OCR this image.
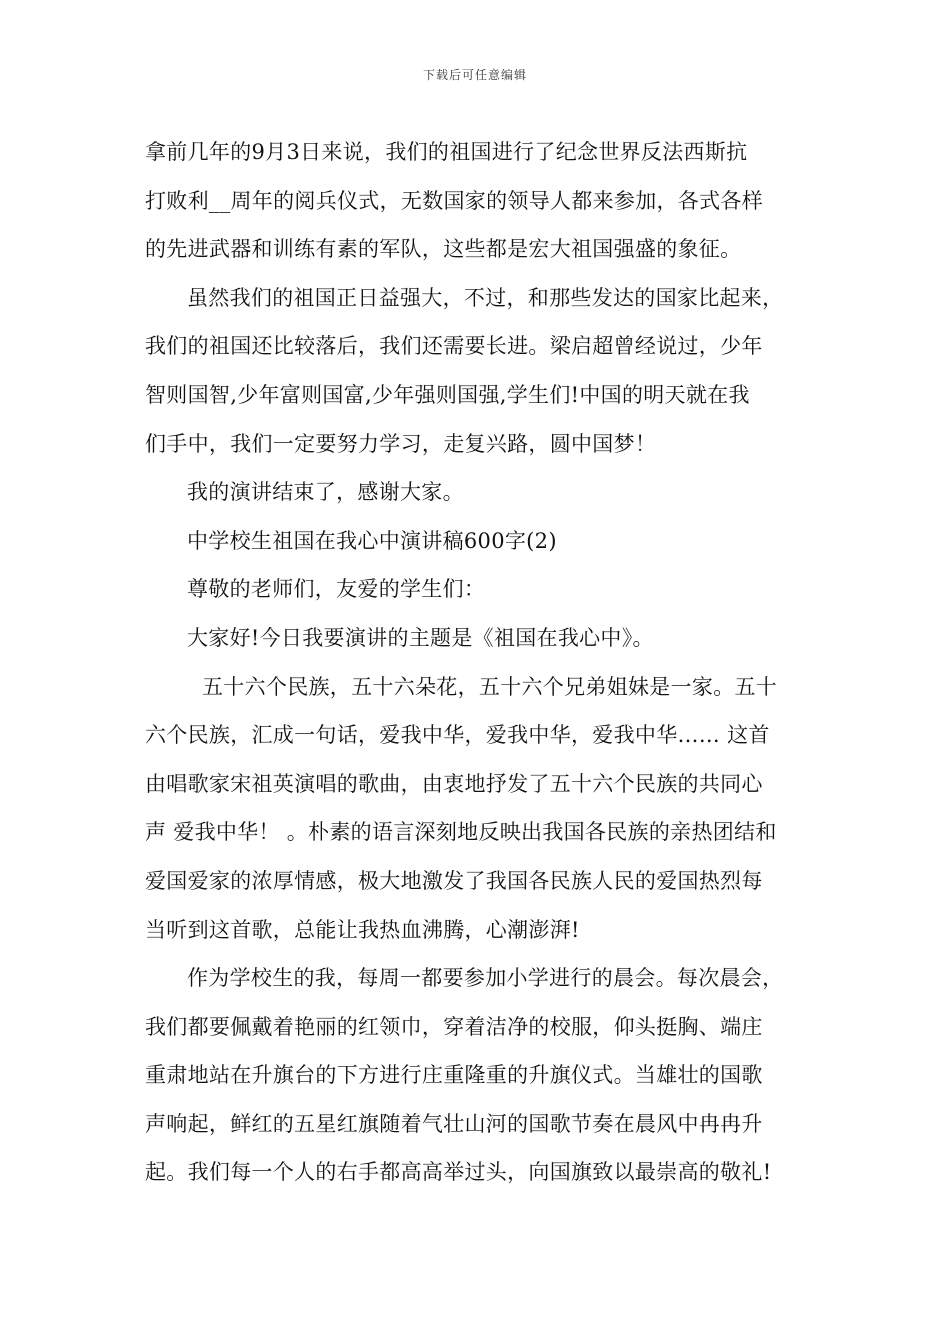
下载后可任意编辑
拿前几年的9月3日来说，我们的祖国进行了纪念世界反法西斯抗
打败利__周年的阅兵仪式，无数国家的领导人都来参加，各式各样
的先进武器和训练有素的军队，这些都是宏大祖国强盛的象征。
虽然我们的祖国正日益强大，不过，和那些发达的国家比起来，
我们的祖国还比较落后，我们还需要长进。梁启超曾经说过，少年
智则国智,少年富则国富,少年强则国强,学生们!中国的明天就在我
们手中，我们一定要努力学习，走复兴路，圆中国梦！
我的演讲结束了，感谢大家。
中学校生祖国在我心中演讲稿600字(2)
尊敬的老师们，友爱的学生们：
大家好!今日我要演讲的主题是《祖国在我心中》。
五十六个民族，五十六朵花，五十六个兄弟姐妹是一家。五十
六个民族，汇成一句话，爱我中华，爱我中华，爱我中华…… 这首
由唱歌家宋祖英演唱的歌曲，由衷地抒发了五十六个民族的共同心
声 爱我中华！ 。朴素的语言深刻地反映出我国各民族的亲热团结和
爱国爱家的浓厚情感，极大地激发了我国各民族人民的爱国热烈每
当听到这首歌，总能让我热血沸腾，心潮澎湃!
作为学校生的我，每周一都要参加小学进行的晨会。每次晨会，
我们都要佩戴着艳丽的红领巾，穿着洁净的校服，仰头挺胸、端庄
重肃地站在升旗台的下方进行庄重隆重的升旗仪式。当雄壮的国歌
声响起，鲜红的五星红旗随着气壮山河的国歌节奏在晨风中冉冉升
起。我们每一个人的右手都高高举过头，向国旗致以最崇高的敬礼!
